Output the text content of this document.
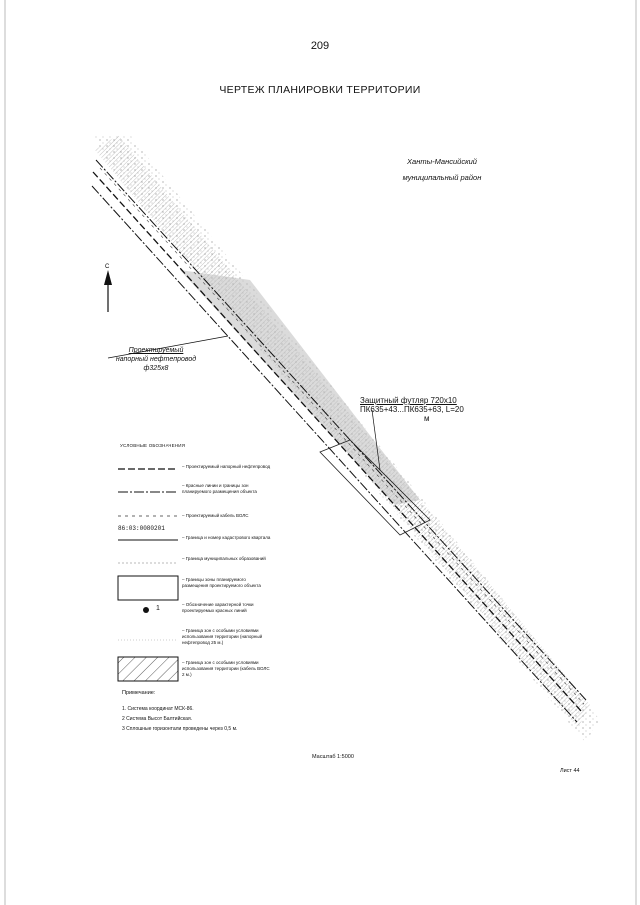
209
ЧЕРТЕЖ ПЛАНИРОВКИ ТЕРРИТОРИИ
Ханты-Мансийский
муниципальный район
С
Проектируемый
напорный нефтепровод
ф325х8
Защитный футляр 720х10
ПК635+43...ПК635+63, L=20
м
УСЛОВНЫЕ ОБОЗНАЧЕНИЯ
– Проектируемый напорный нефтепровод
– Красные линии и границы зон планируемого размещения объекта
– Проектируемый кабель ВОЛС
86:03:0080201
– Граница и номер кадастрового квартала
– Граница муниципальных образований
– Границы зоны планируемого размещения проектируемого объекта
1
– Обозначение характерной точки проектируемых красных линий
– Граница зон с особыми условиями использования территории (напорный нефтепровод 25 м.)
– Граница зон с особыми условиями использования территории (кабель ВОЛС 2 м.)
Примечание:
1. Система координат МСК-86.
2 Система Высот Балтийская.
3 Сплошные горизонтали проведены через 0,5 м.
Масштаб 1:5000
Лист 44
